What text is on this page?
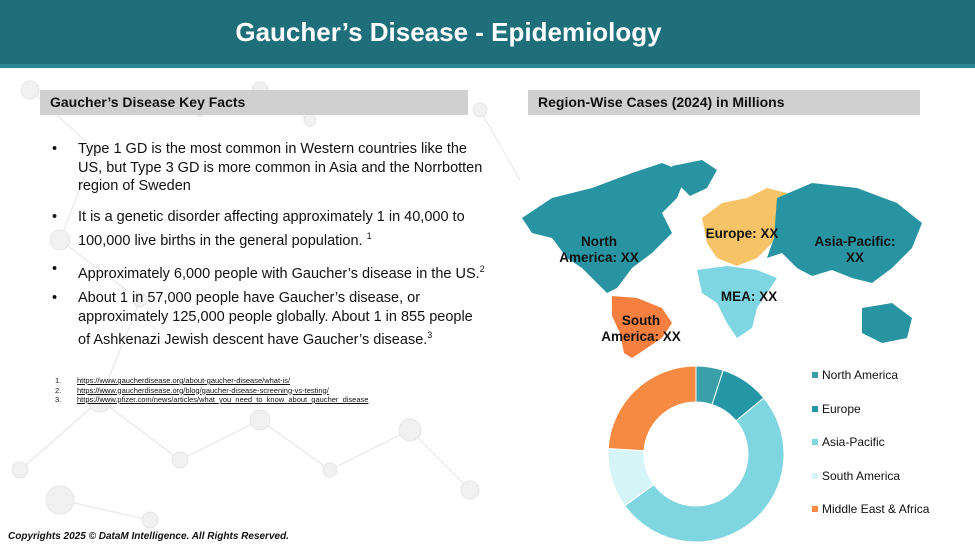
Gaucher’s Disease - Epidemiology
Gaucher’s Disease Key Facts
• Type 1 GD is the most common in Western countries like the US, but Type 3 GD is more common in Asia and the Norrbotten region of Sweden
• It is a genetic disorder affecting approximately 1 in 40,000 to 100,000 live births in the general population. $^1$
• Approximately 6,000 people with Gaucher’s disease in the US.$^2$
• About 1 in 57,000 people have Gaucher’s disease, or approximately 125,000 people globally. About 1 in 855 people of Ashkenazi Jewish descent have Gaucher’s disease.$^3$
1. https://www.gaucherdisease.org/about-gaucher-disease/what-is/
2. https://www.gaucherdisease.org/blog/gaucher-disease-screening-vs-testing/
3. https://www.pfizer.com/news/articles/what_you_need_to_know_about_gaucher_disease
Region-Wise Cases (2024) in Millions
North America: XX
Europe: XX
Asia-Pacific: XX
MEA: XX
South America: XX
North America
Europe
Asia-Pacific
South America
Middle East & Africa
Copyrights 2025 © DataM Intelligence. All Rights Reserved.
